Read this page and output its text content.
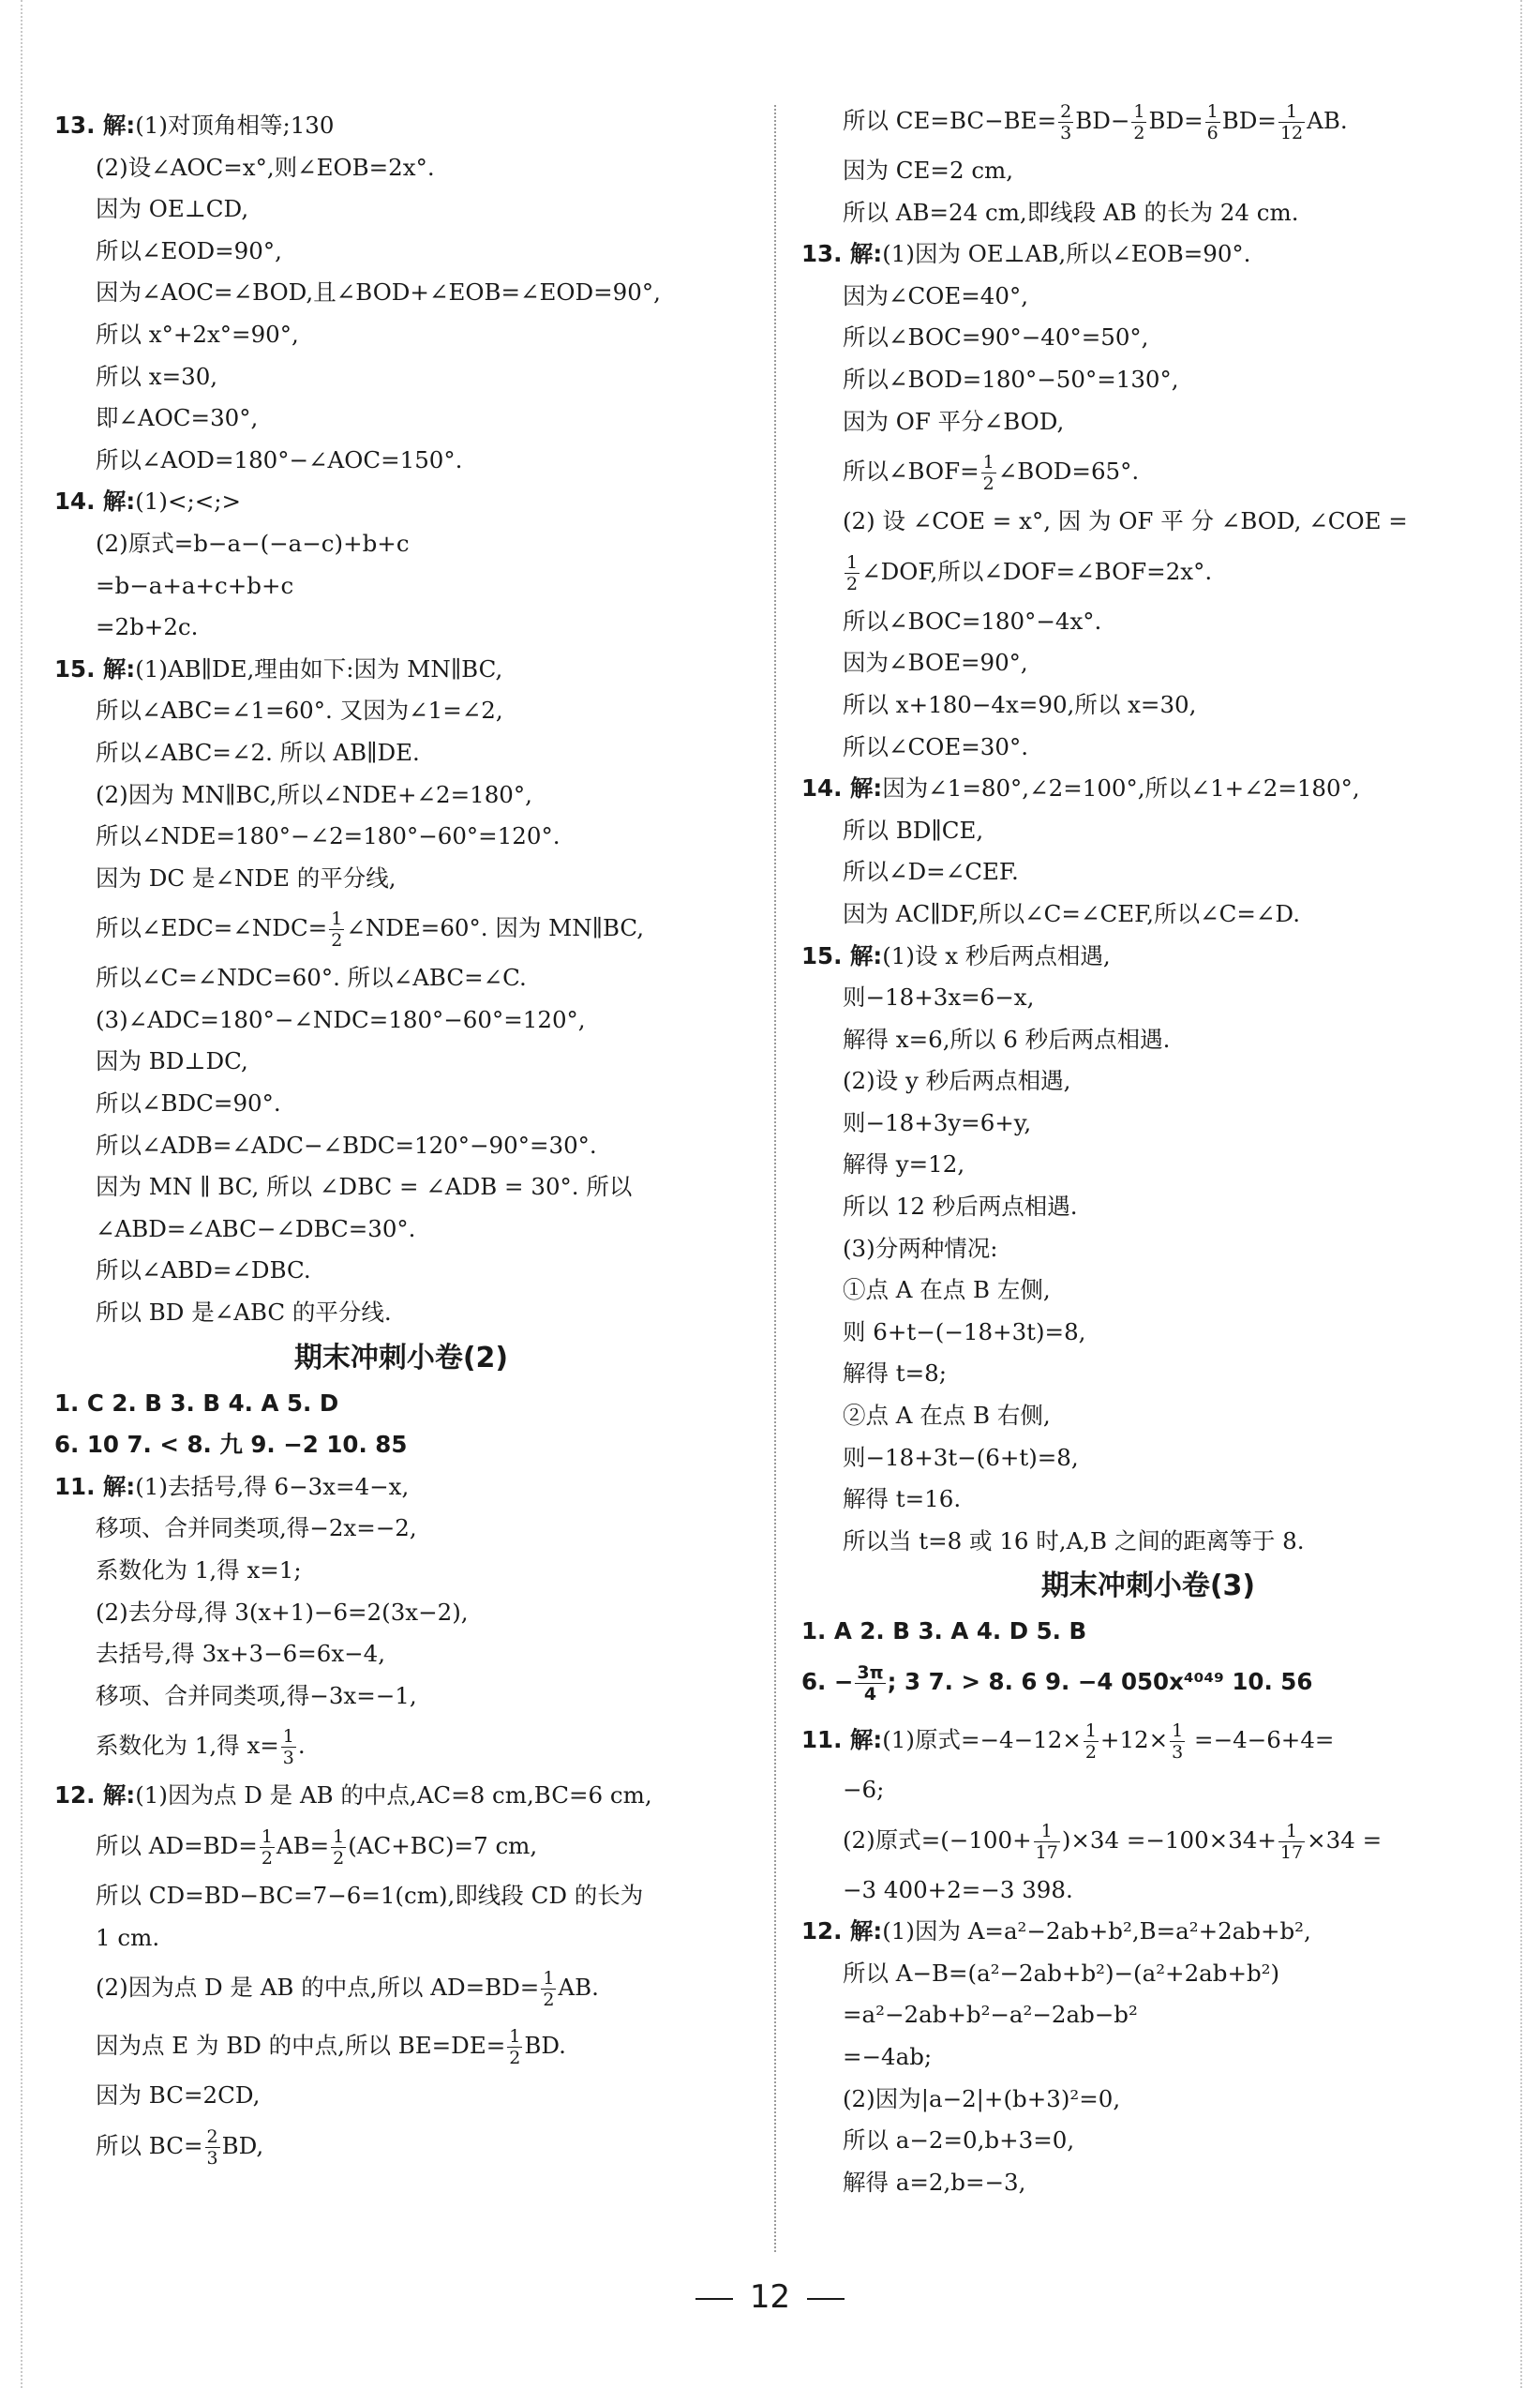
13. 解:(1)对顶角相等;130
(2)设∠AOC=x°,则∠EOB=2x°.
因为 OE⊥CD,
所以∠EOD=90°,
因为∠AOC=∠BOD,且∠BOD+∠EOB=∠EOD=90°,
所以 x°+2x°=90°,
所以 x=30,
即∠AOC=30°,
所以∠AOD=180°−∠AOC=150°.
14. 解:(1)<;<;>
(2)原式=b−a−(−a−c)+b+c
=b−a+a+c+b+c
=2b+2c.
15. 解:(1)AB∥DE,理由如下:因为 MN∥BC,
所以∠ABC=∠1=60°. 又因为∠1=∠2,
所以∠ABC=∠2. 所以 AB∥DE.
(2)因为 MN∥BC,所以∠NDE+∠2=180°,
所以∠NDE=180°−∠2=180°−60°=120°.
因为 DC 是∠NDE 的平分线,
所以∠EDC=∠NDC= $\frac{1}{2}$ ∠NDE=60°. 因为 MN∥BC,
所以∠C=∠NDC=60°. 所以∠ABC=∠C.
(3)∠ADC=180°−∠NDC=180°−60°=120°,
因为 BD⊥DC,
所以∠BDC=90°.
所以∠ADB=∠ADC−∠BDC=120°−90°=30°.
因为 MN ∥ BC, 所以 ∠DBC = ∠ADB = 30°. 所以
∠ABD=∠ABC−∠DBC=30°.
所以∠ABD=∠DBC.
所以 BD 是∠ABC 的平分线.
期末冲刺小卷(2)
1. C 2. B 3. B 4. A 5. D
6. 10 7. < 8. 九 9. −2 10. 85
11. 解:(1)去括号,得 6−3x=4−x,
移项、合并同类项,得−2x=−2,
系数化为 1,得 x=1;
(2)去分母,得 3(x+1)−6=2(3x−2),
去括号,得 3x+3−6=6x−4,
移项、合并同类项,得−3x=−1,
系数化为 1,得 $x= \frac{1}{3}$ .
12. 解:(1)因为点 D 是 AB 的中点,AC=8 cm,BC=6 cm,
所以 $AD=BD= \frac{1}{2} AB= \frac{1}{2} (AC+BC)=7$ cm,
所以 CD=BD−BC=7−6=1(cm),即线段 CD 的长为
1 cm.
(2)因为点 D 是 AB 的中点,所以 $AD=BD= \frac{1}{2}$ AB.
因为点 E 为 BD 的中点,所以 $BE=DE= \frac{1}{2}$ BD.
因为 BC=2CD,
所以 $BC= \frac{2}{3}$ BD,
所以 $CE=BC-BE= \frac{2}{3} BD- \frac{1}{2} BD= \frac{1}{6} BD= \frac{1}{12}$ AB.
因为 CE=2 cm,
所以 AB=24 cm,即线段 AB 的长为 24 cm.
13. 解:(1)因为 OE⊥AB,所以∠EOB=90°.
因为∠COE=40°,
所以∠BOC=90°−40°=50°,
所以∠BOD=180°−50°=130°,
因为 OF 平分∠BOD,
所以∠BOF= $\frac{1}{2}$ ∠BOD=65°.
(2) 设 ∠COE = x°, 因 为 OF 平 分 ∠BOD, ∠COE =
$\frac{1}{2}$ ∠DOF,所以∠DOF=∠BOF=2x°.
所以∠BOC=180°−4x°.
因为∠BOE=90°,
所以 x+180−4x=90,所以 x=30,
所以∠COE=30°.
14. 解:因为∠1=80°,∠2=100°,所以∠1+∠2=180°,
所以 BD∥CE,
所以∠D=∠CEF.
因为 AC∥DF,所以∠C=∠CEF,所以∠C=∠D.
15. 解:(1)设 x 秒后两点相遇,
则−18+3x=6−x,
解得 x=6,所以 6 秒后两点相遇.
(2)设 y 秒后两点相遇,
则−18+3y=6+y,
解得 y=12,
所以 12 秒后两点相遇.
(3)分两种情况:
①点 A 在点 B 左侧,
则 6+t−(−18+3t)=8,
解得 t=8;
②点 A 在点 B 右侧,
则−18+3t−(6+t)=8,
解得 t=16.
所以当 t=8 或 16 时,A,B 之间的距离等于 8.
期末冲刺小卷(3)
1. A 2. B 3. A 4. D 5. B
6. − $\frac{3\pi}{4}$ ; 3 7. > 8. 6 9. −4 050x⁴⁰⁴⁹ 10. 56
11. 解:(1)原式$=-4-12\times \frac{1}{2} +12\times \frac{1}{3} =-4-6+4=$
−6;
(2)原式$=(-100+ \frac{1}{17} )\times 34 =-100\times 34+ \frac{1}{17} \times 34$ =
−3 400+2=−3 398.
12. 解:(1)因为 A=a²−2ab+b²,B=a²+2ab+b²,
所以 A−B=(a²−2ab+b²)−(a²+2ab+b²)
=a²−2ab+b²−a²−2ab−b²
=−4ab;
(2)因为|a−2|+(b+3)²=0,
所以 a−2=0,b+3=0,
解得 a=2,b=−3,
12
